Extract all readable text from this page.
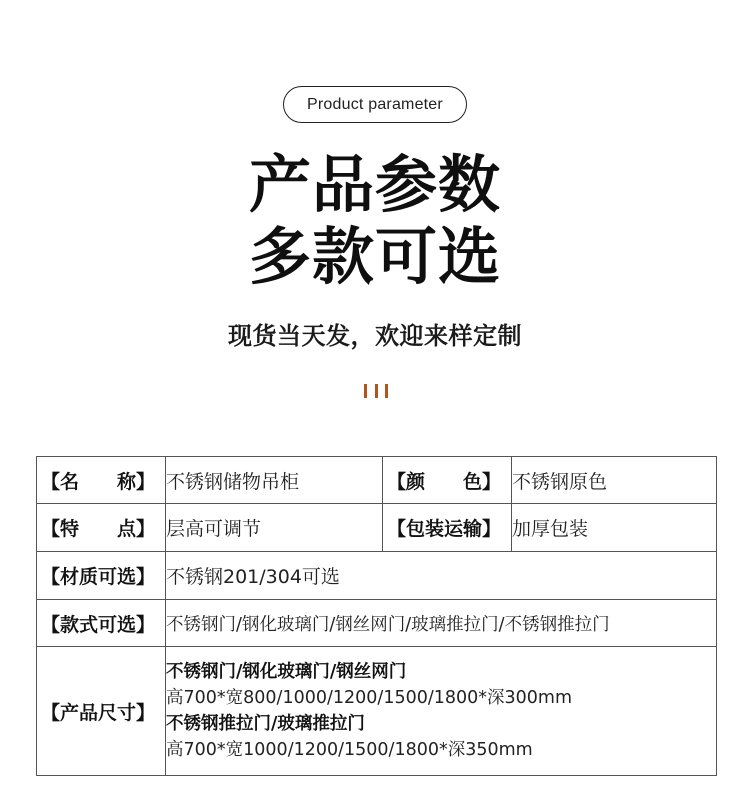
Product parameter
产品参数
多款可选
现货当天发，欢迎来样定制
【名 称】	不锈钢储物吊柜	【颜 色】	不锈钢原色

【特 点】	层高可调节	【包装运输】	加厚包装
【材质可选】	不锈钢201/304可选		
【款式可选】	不锈钢门/钢化玻璃门/钢丝网门/玻璃推拉门/不锈钢推拉门		
【产品尺寸】	不锈钢门/钢化玻璃门/钢丝网门
高700*宽800/1000/1200/1500/1800*深300mm
不锈钢推拉门/玻璃推拉门
高700*宽1000/1200/1500/1800*深350mm		
